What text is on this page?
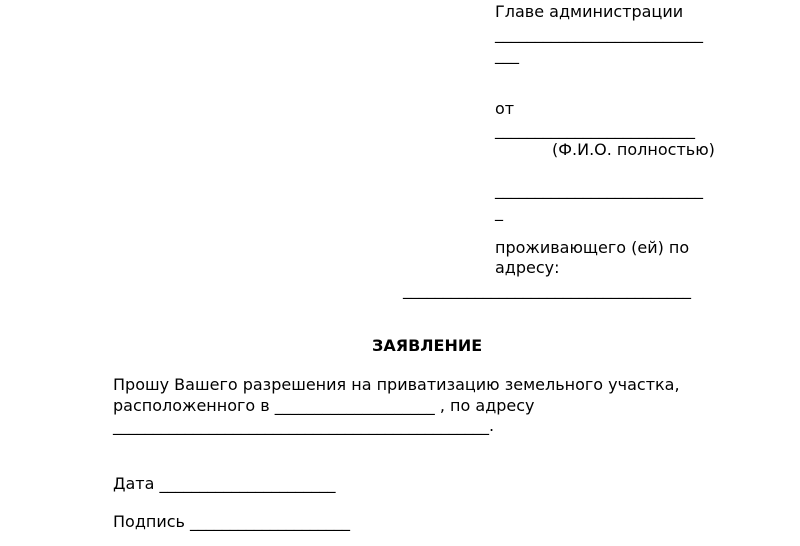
Главе администрации

__________________________

___

от

_________________________

(Ф.И.О. полностью)

__________________________

_

проживающего (ей) по

адресу:

____________________________________

ЗАЯВЛЕНИЕ

Прошу Вашего разрешения на приватизацию земельного участка,

расположенного в ____________________ , по адресу

_______________________________________________.

Дата ______________________

Подпись ____________________
